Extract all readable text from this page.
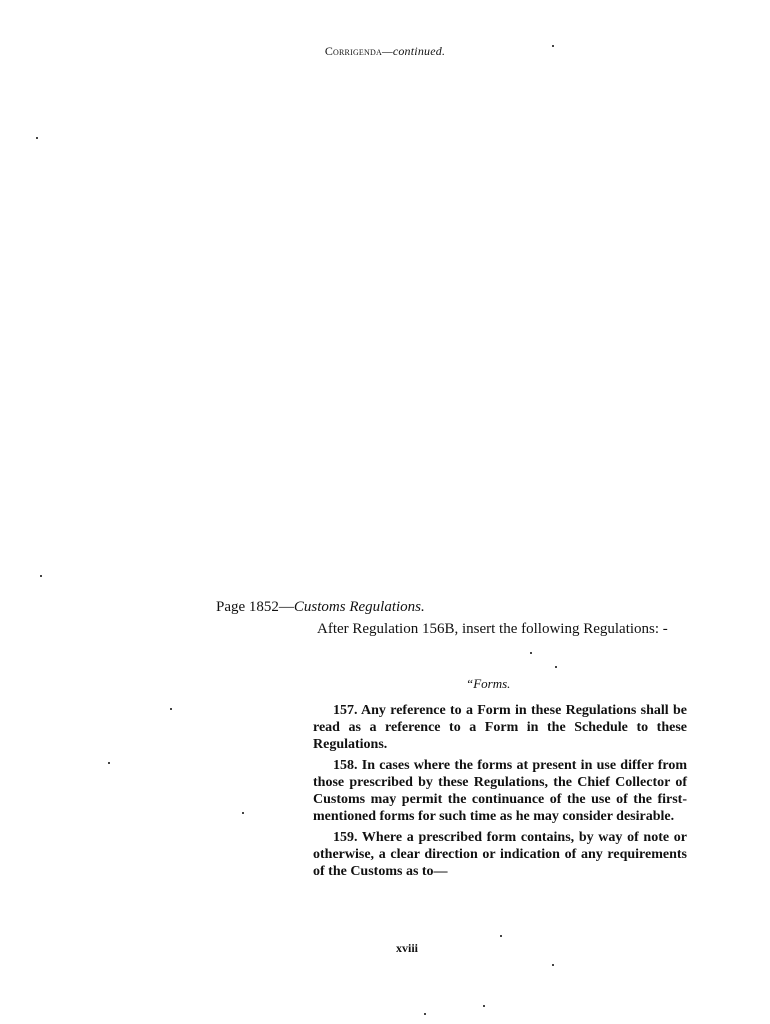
Corrigenda—continued.
Page 1852—Customs Regulations.
After Regulation 156B, insert the following Regulations: -
“Forms.

157. Any reference to a Form in these Regulations shall be read as a reference to a Form in the Schedule to these Regulations.

158. In cases where the forms at present in use differ from those prescribed by these Regulations, the Chief Collector of Customs may permit the continuance of the use of the first-mentioned forms for such time as he may consider desirable.

159. Where a prescribed form contains, by way of note or otherwise, a clear direction or indication of any requirements of the Customs as to—

xviii
